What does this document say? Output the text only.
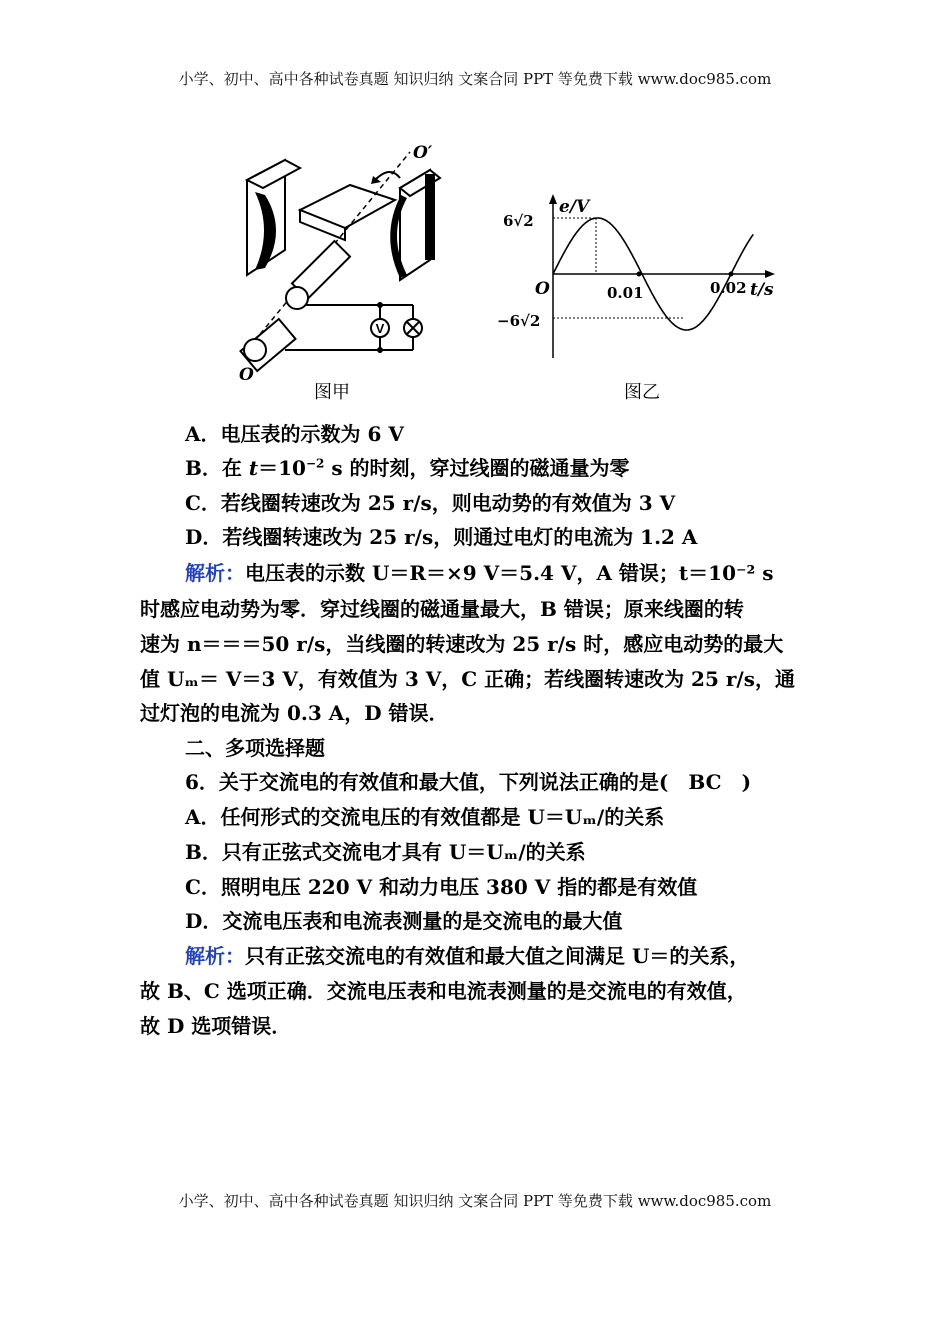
小学、初中、高中各种试卷真题 知识归纳 文案合同 PPT 等免费下载 www.doc985.com
V
O
O′
图甲
e/V
t/s
O
6√2
−6√2
0.01	0.02
图乙
A．电压表的示数为 6 V
B．在 $t=10^{-2}$ s 的时刻，穿过线圈的磁通量为零
C．若线圈转速改为 25 r/s，则电动势的有效值为 3 V
D．若线圈转速改为 25 r/s，则通过电灯的电流为 1.2 A
解析：电压表的示数 U＝R＝×9 V＝5.4 V，A 错误；t＝10⁻² s
时感应电动势为零．穿过线圈的磁通量最大，B 错误；原来线圈的转
速为 n＝＝＝50 r/s，当线圈的转速改为 25 r/s 时，感应电动势的最大
值 Uₘ＝ V＝3 V，有效值为 3 V，C 正确；若线圈转速改为 25 r/s，通
过灯泡的电流为 0.3 A，D 错误．
二、多项选择题
6．关于交流电的有效值和最大值，下列说法正确的是(　BC　)
A．任何形式的交流电压的有效值都是 U＝Uₘ/的关系
B．只有正弦式交流电才具有 U＝Uₘ/的关系
C．照明电压 220 V 和动力电压 380 V 指的都是有效值
D．交流电压表和电流表测量的是交流电的最大值
解析：只有正弦交流电的有效值和最大值之间满足 U＝的关系，
故 B、C 选项正确．交流电压表和电流表测量的是交流电的有效值，
故 D 选项错误．
小学、初中、高中各种试卷真题 知识归纳 文案合同 PPT 等免费下载 www.doc985.com
